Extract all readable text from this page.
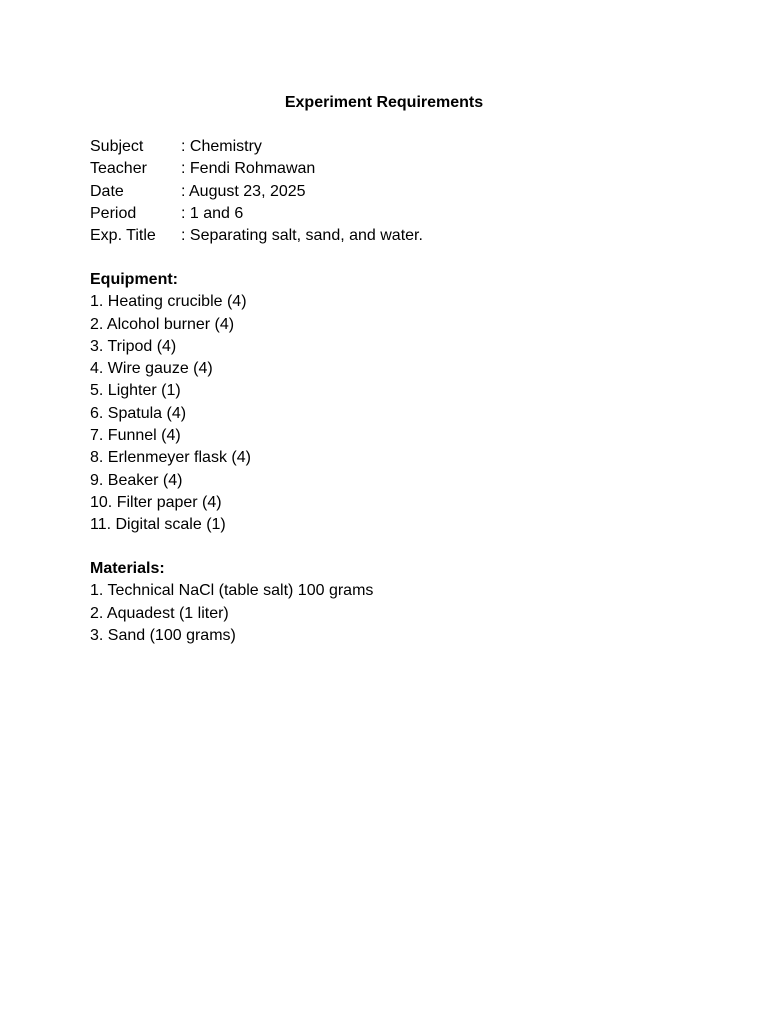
Experiment Requirements
Subject	: Chemistry
Teacher	: Fendi Rohmawan
Date	: August 23, 2025
Period	: 1 and 6
Exp. Title	: Separating salt, sand, and water.
Equipment:
1. Heating crucible (4)
2. Alcohol burner (4)
3. Tripod (4)
4. Wire gauze (4)
5. Lighter (1)
6. Spatula (4)
7. Funnel (4)
8. Erlenmeyer flask (4)
9. Beaker (4)
10. Filter paper (4)
11. Digital scale (1)
Materials:
1. Technical NaCl (table salt) 100 grams
2. Aquadest (1 liter)
3. Sand (100 grams)
